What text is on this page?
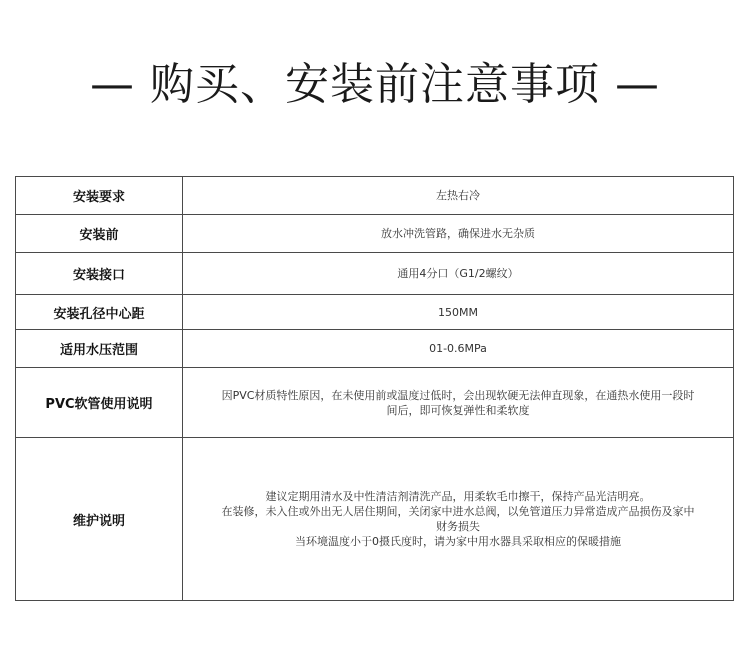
— 购买、安装前注意事项 —
安装要求	左热右冷

安装前	放水冲洗管路，确保进水无杂质

安装接口	通用4分口（G1/2螺纹）

安装孔径中心距	150MM

适用水压范围	01-0.6MPa

PVC软管使用说明	因PVC材质特性原因，在未使用前或温度过低时，会出现软硬无法伸直现象，在通热水使用一段时
间后，即可恢复弹性和柔软度

维护说明	建议定期用清水及中性清洁剂清洗产品，用柔软毛巾擦干，保持产品光洁明亮。
在装修，未入住或外出无人居住期间，关闭家中进水总阀，以免管道压力异常造成产品损伤及家中
财务损失
当环境温度小于0摄氏度时，请为家中用水器具采取相应的保暖措施
